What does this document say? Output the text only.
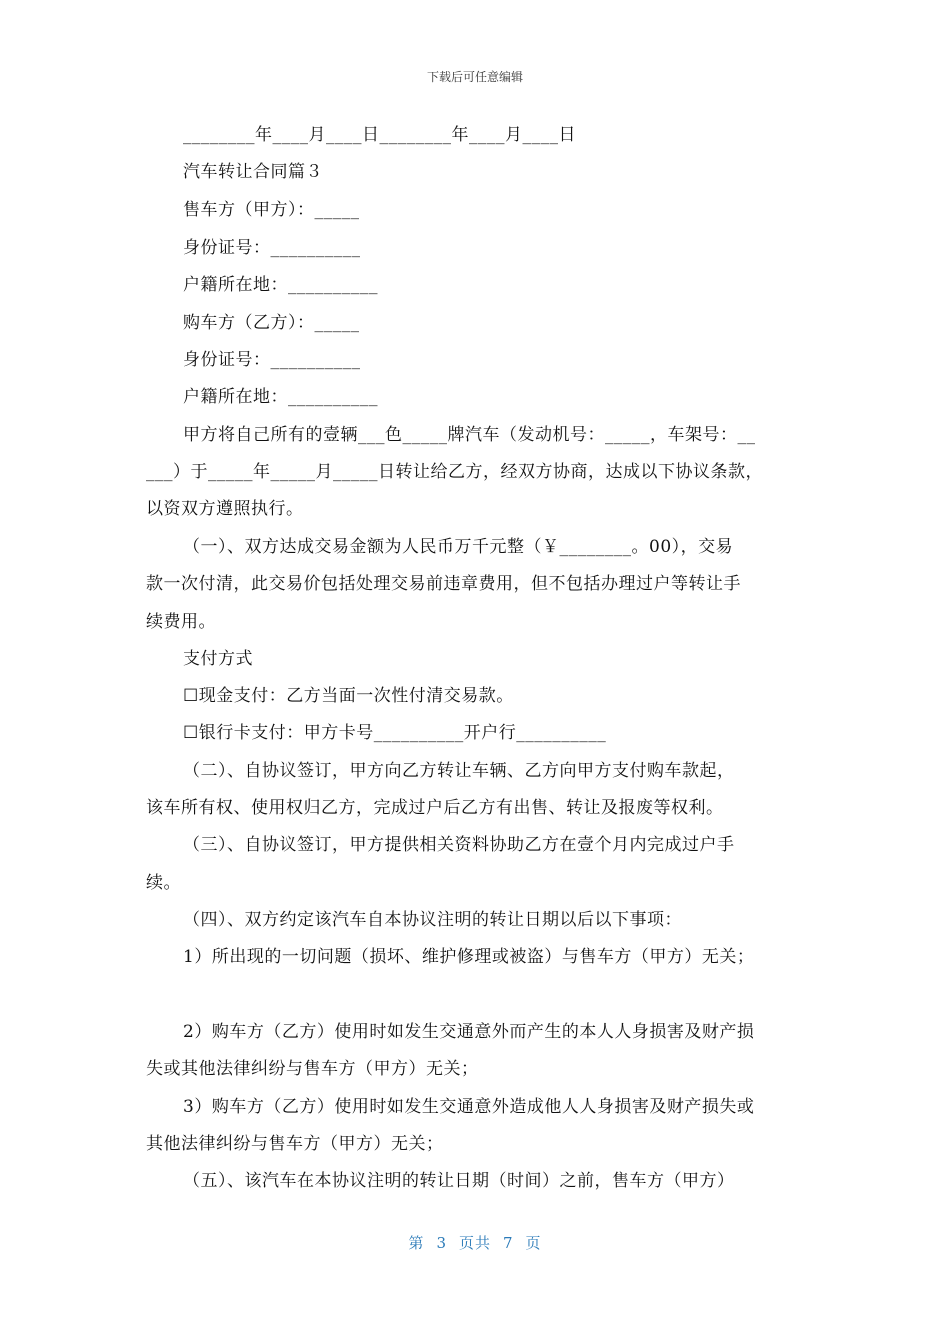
下载后可任意编辑
________年____月____日________年____月____日
汽车转让合同篇３
售车方（甲方）：_____
身份证号：__________
户籍所在地：__________
购车方（乙方）：_____
身份证号：__________
户籍所在地：__________
甲方将自己所有的壹辆___色_____牌汽车（发动机号：_____，车架号：__
___）于_____年_____月_____日转让给乙方，经双方协商，达成以下协议条款，
以资双方遵照执行。
（一）、双方达成交易金额为人民币万千元整（￥________。00），交易
款一次付清，此交易价包括处理交易前违章费用，但不包括办理过户等转让手
续费用。
支付方式
☐现金支付：乙方当面一次性付清交易款。
☐银行卡支付：甲方卡号__________开户行__________
（二）、自协议签订，甲方向乙方转让车辆、乙方向甲方支付购车款起，
该车所有权、使用权归乙方，完成过户后乙方有出售、转让及报废等权利。
（三）、自协议签订，甲方提供相关资料协助乙方在壹个月内完成过户手
续。
（四）、双方约定该汽车自本协议注明的转让日期以后以下事项：
1）所出现的一切问题（损坏、维护修理或被盗）与售车方（甲方）无关；
2）购车方（乙方）使用时如发生交通意外而产生的本人人身损害及财产损
失或其他法律纠纷与售车方（甲方）无关；
3）购车方（乙方）使用时如发生交通意外造成他人人身损害及财产损失或
其他法律纠纷与售车方（甲方）无关；
（五）、该汽车在本协议注明的转让日期（时间）之前，售车方（甲方）
第 3 页共 7 页
